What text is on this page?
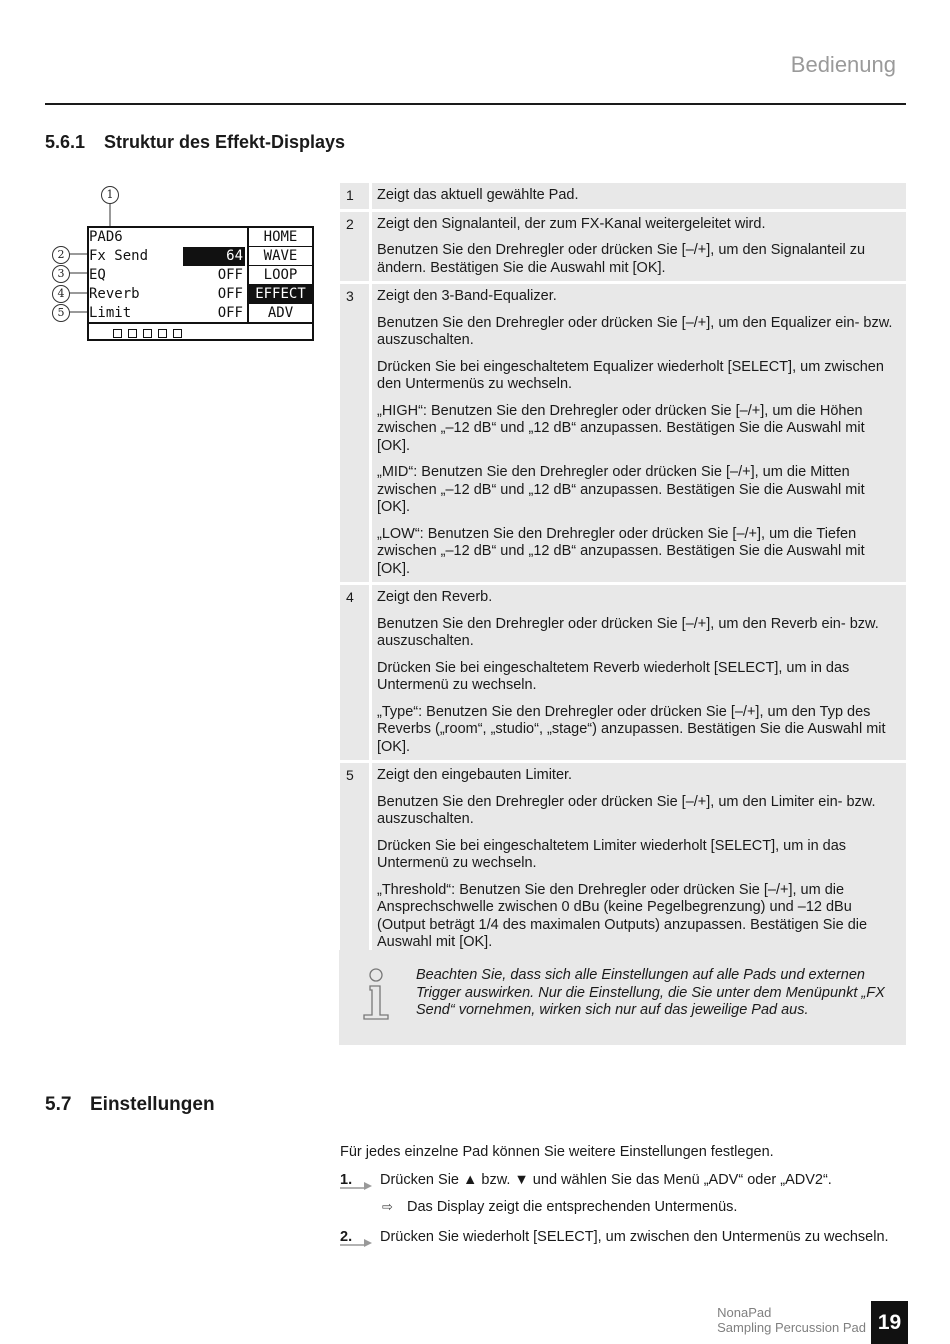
Bedienung
5.6.1 Struktur des Effekt-Displays
1
2
3
4
5
PAD6
Fx Send	64
EQ	OFF
Reverb	OFF
Limit	OFF
HOME
WAVE
LOOP
EFFECT
ADV
1	Zeigt das aktuell gewählte Pad.

2	Zeigt den Signalanteil, der zum FX-Kanal weitergeleitet wird.

Benutzen Sie den Drehregler oder drücken Sie [–/+], um den Signalanteil zu ändern. Bestätigen Sie die Auswahl mit [OK].

3	Zeigt den 3-Band-Equalizer.

Benutzen Sie den Drehregler oder drücken Sie [–/+], um den Equalizer ein- bzw. auszuschalten.

Drücken Sie bei eingeschaltetem Equalizer wiederholt [SELECT], um zwischen den Untermenüs zu wechseln.

„HIGH“: Benutzen Sie den Drehregler oder drücken Sie [–/+], um die Höhen zwischen „–12 dB“ und „12 dB“ anzupassen. Bestätigen Sie die Auswahl mit [OK].

„MID“: Benutzen Sie den Drehregler oder drücken Sie [–/+], um die Mitten zwischen „–12 dB“ und „12 dB“ anzupassen. Bestätigen Sie die Auswahl mit [OK].

„LOW“: Benutzen Sie den Drehregler oder drücken Sie [–/+], um die Tiefen zwischen „–12 dB“ und „12 dB“ anzupassen. Bestätigen Sie die Auswahl mit [OK].

4	Zeigt den Reverb.

Benutzen Sie den Drehregler oder drücken Sie [–/+], um den Reverb ein- bzw. auszuschalten.

Drücken Sie bei eingeschaltetem Reverb wiederholt [SELECT], um in das Untermenü zu wechseln.

„Type“: Benutzen Sie den Drehregler oder drücken Sie [–/+], um den Typ des Reverbs („room“, „studio“, „stage“) anzupassen. Bestätigen Sie die Auswahl mit [OK].

5	Zeigt den eingebauten Limiter.

Benutzen Sie den Drehregler oder drücken Sie [–/+], um den Limiter ein- bzw. auszuschalten.

Drücken Sie bei eingeschaltetem Limiter wiederholt [SELECT], um in das Untermenü zu wechseln.

„Threshold“: Benutzen Sie den Drehregler oder drücken Sie [–/+], um die Ansprechschwelle zwischen 0 dBu (keine Pegelbegrenzung) und –12 dBu (Output beträgt 1/4 des maximalen Outputs) anzupassen. Bestätigen Sie die Auswahl mit [OK].

Beachten Sie, dass sich alle Einstellungen auf alle Pads und externen Trigger auswirken. Nur die Einstellung, die Sie unter dem Menüpunkt „FX Send“ vornehmen, wirken sich nur auf das jeweilige Pad aus.
5.7 Einstellungen
Für jedes einzelne Pad können Sie weitere Einstellungen festlegen.
1. Drücken Sie ▲ bzw. ▼ und wählen Sie das Menü „ADV“ oder „ADV2“.
⇨ Das Display zeigt die entsprechenden Untermenüs.
2. Drücken Sie wiederholt [SELECT], um zwischen den Untermenüs zu wechseln.
NonaPad
Sampling Percussion Pad 19
